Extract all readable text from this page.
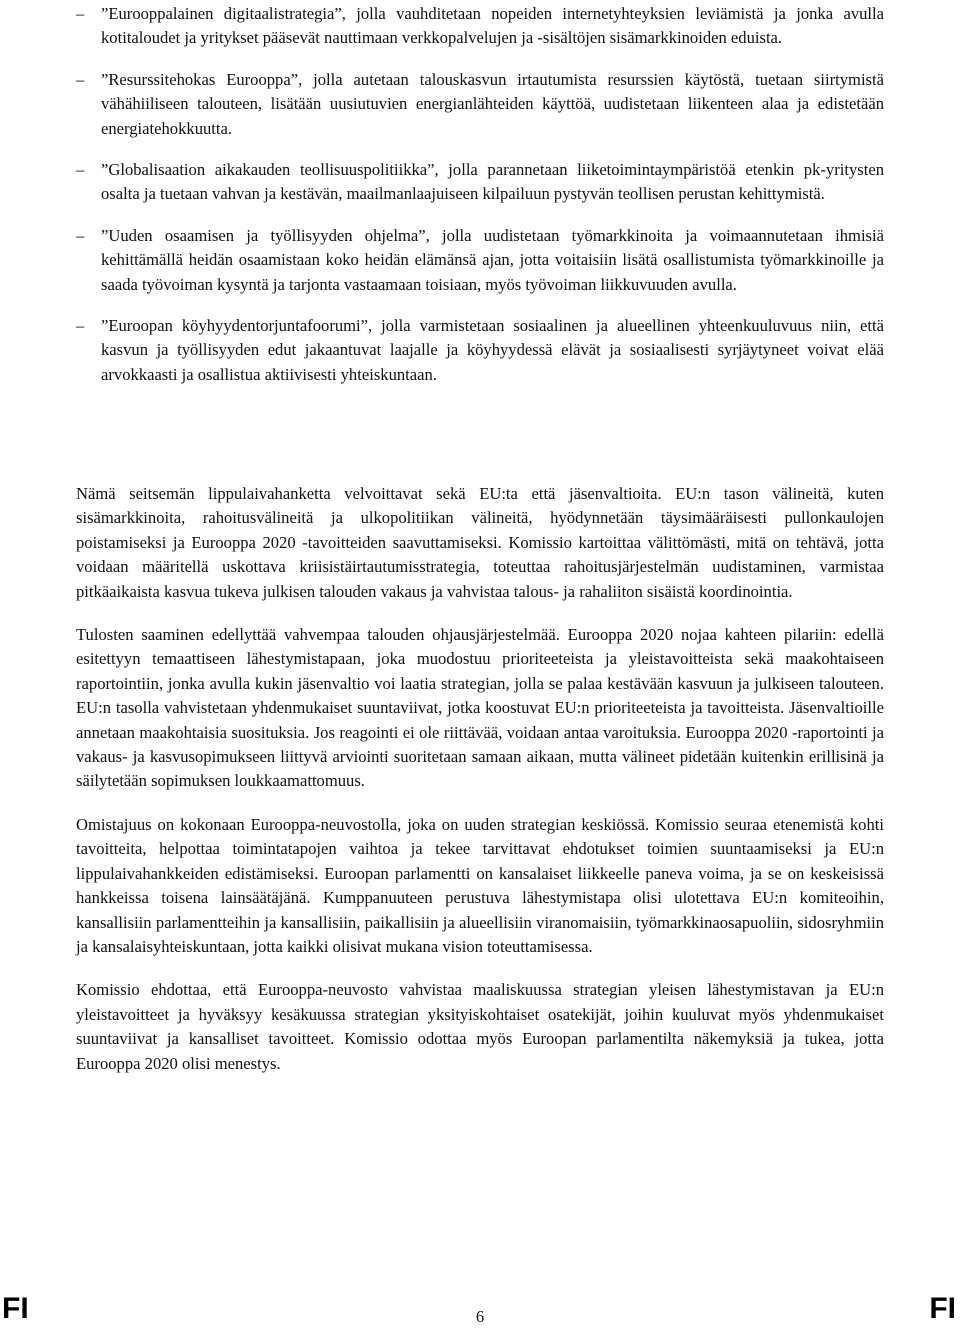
– ”Eurooppalainen digitaalistrategia”, jolla vauhditetaan nopeiden internetyhteyksien leviämistä ja jonka avulla kotitaloudet ja yritykset pääsevät nauttimaan verkkopalvelujen ja -sisältöjen sisämarkkinoiden eduista.
– ”Resurssitehokas Eurooppa”, jolla autetaan talouskasvun irtautumista resurssien käytöstä, tuetaan siirtymistä vähähiiliseen talouteen, lisätään uusiutuvien energianlähteiden käyttöä, uudistetaan liikenteen alaa ja edistetään energiatehokkuutta.
– ”Globalisaation aikakauden teollisuuspolitiikka”, jolla parannetaan liiketoimintaympäristöä etenkin pk-yritysten osalta ja tuetaan vahvan ja kestävän, maailmanlaajuiseen kilpailuun pystyvän teollisen perustan kehittymistä.
– ”Uuden osaamisen ja työllisyyden ohjelma”, jolla uudistetaan työmarkkinoita ja voimaannutetaan ihmisiä kehittämällä heidän osaamistaan koko heidän elämänsä ajan, jotta voitaisiin lisätä osallistumista työmarkkinoille ja saada työvoiman kysyntä ja tarjonta vastaamaan toisiaan, myös työvoiman liikkuvuuden avulla.
– ”Euroopan köyhyydentorjuntafoorumi”, jolla varmistetaan sosiaalinen ja alueellinen yhteenkuuluvuus niin, että kasvun ja työllisyyden edut jakaantuvat laajalle ja köyhyydessä elävät ja sosiaalisesti syrjäytyneet voivat elää arvokkaasti ja osallistua aktiivisesti yhteiskuntaan.

Nämä seitsemän lippulaivahanketta velvoittavat sekä EU:ta että jäsenvaltioita. EU:n tason välineitä, kuten sisämarkkinoita, rahoitusvälineitä ja ulkopolitiikan välineitä, hyödynnetään täysimääräisesti pullonkaulojen poistamiseksi ja Eurooppa 2020 -tavoitteiden saavuttamiseksi. Komissio kartoittaa välittömästi, mitä on tehtävä, jotta voidaan määritellä uskottava kriisistäirtautumisstrategia, toteuttaa rahoitusjärjestelmän uudistaminen, varmistaa pitkäaikaista kasvua tukeva julkisen talouden vakaus ja vahvistaa talous- ja rahaliiton sisäistä koordinointia.

Tulosten saaminen edellyttää vahvempaa talouden ohjausjärjestelmää. Eurooppa 2020 nojaa kahteen pilariin: edellä esitettyyn temaattiseen lähestymistapaan, joka muodostuu prioriteeteista ja yleistavoitteista sekä maakohtaiseen raportointiin, jonka avulla kukin jäsenvaltio voi laatia strategian, jolla se palaa kestävään kasvuun ja julkiseen talouteen. EU:n tasolla vahvistetaan yhdenmukaiset suuntaviivat, jotka koostuvat EU:n prioriteeteista ja tavoitteista. Jäsenvaltioille annetaan maakohtaisia suosituksia. Jos reagointi ei ole riittävää, voidaan antaa varoituksia. Eurooppa 2020 -raportointi ja vakaus- ja kasvusopimukseen liittyvä arviointi suoritetaan samaan aikaan, mutta välineet pidetään kuitenkin erillisinä ja säilytetään sopimuksen loukkaamattomuus.

Omistajuus on kokonaan Eurooppa-neuvostolla, joka on uuden strategian keskiössä. Komissio seuraa etenemistä kohti tavoitteita, helpottaa toimintatapojen vaihtoa ja tekee tarvittavat ehdotukset toimien suuntaamiseksi ja EU:n lippulaivahankkeiden edistämiseksi. Euroopan parlamentti on kansalaiset liikkeelle paneva voima, ja se on keskeisissä hankkeissa toisena lainsäätäjänä. Kumppanuuteen perustuva lähestymistapa olisi ulotettava EU:n komiteoihin, kansallisiin parlamentteihin ja kansallisiin, paikallisiin ja alueellisiin viranomaisiin, työmarkkinaosapuoliin, sidosryhmiin ja kansalaisyhteiskuntaan, jotta kaikki olisivat mukana vision toteuttamisessa.

Komissio ehdottaa, että Eurooppa-neuvosto vahvistaa maaliskuussa strategian yleisen lähestymistavan ja EU:n yleistavoitteet ja hyväksyy kesäkuussa strategian yksityiskohtaiset osatekijät, joihin kuuluvat myös yhdenmukaiset suuntaviivat ja kansalliset tavoitteet. Komissio odottaa myös Euroopan parlamentilta näkemyksiä ja tukea, jotta Eurooppa 2020 olisi menestys.

FI	6	FI
